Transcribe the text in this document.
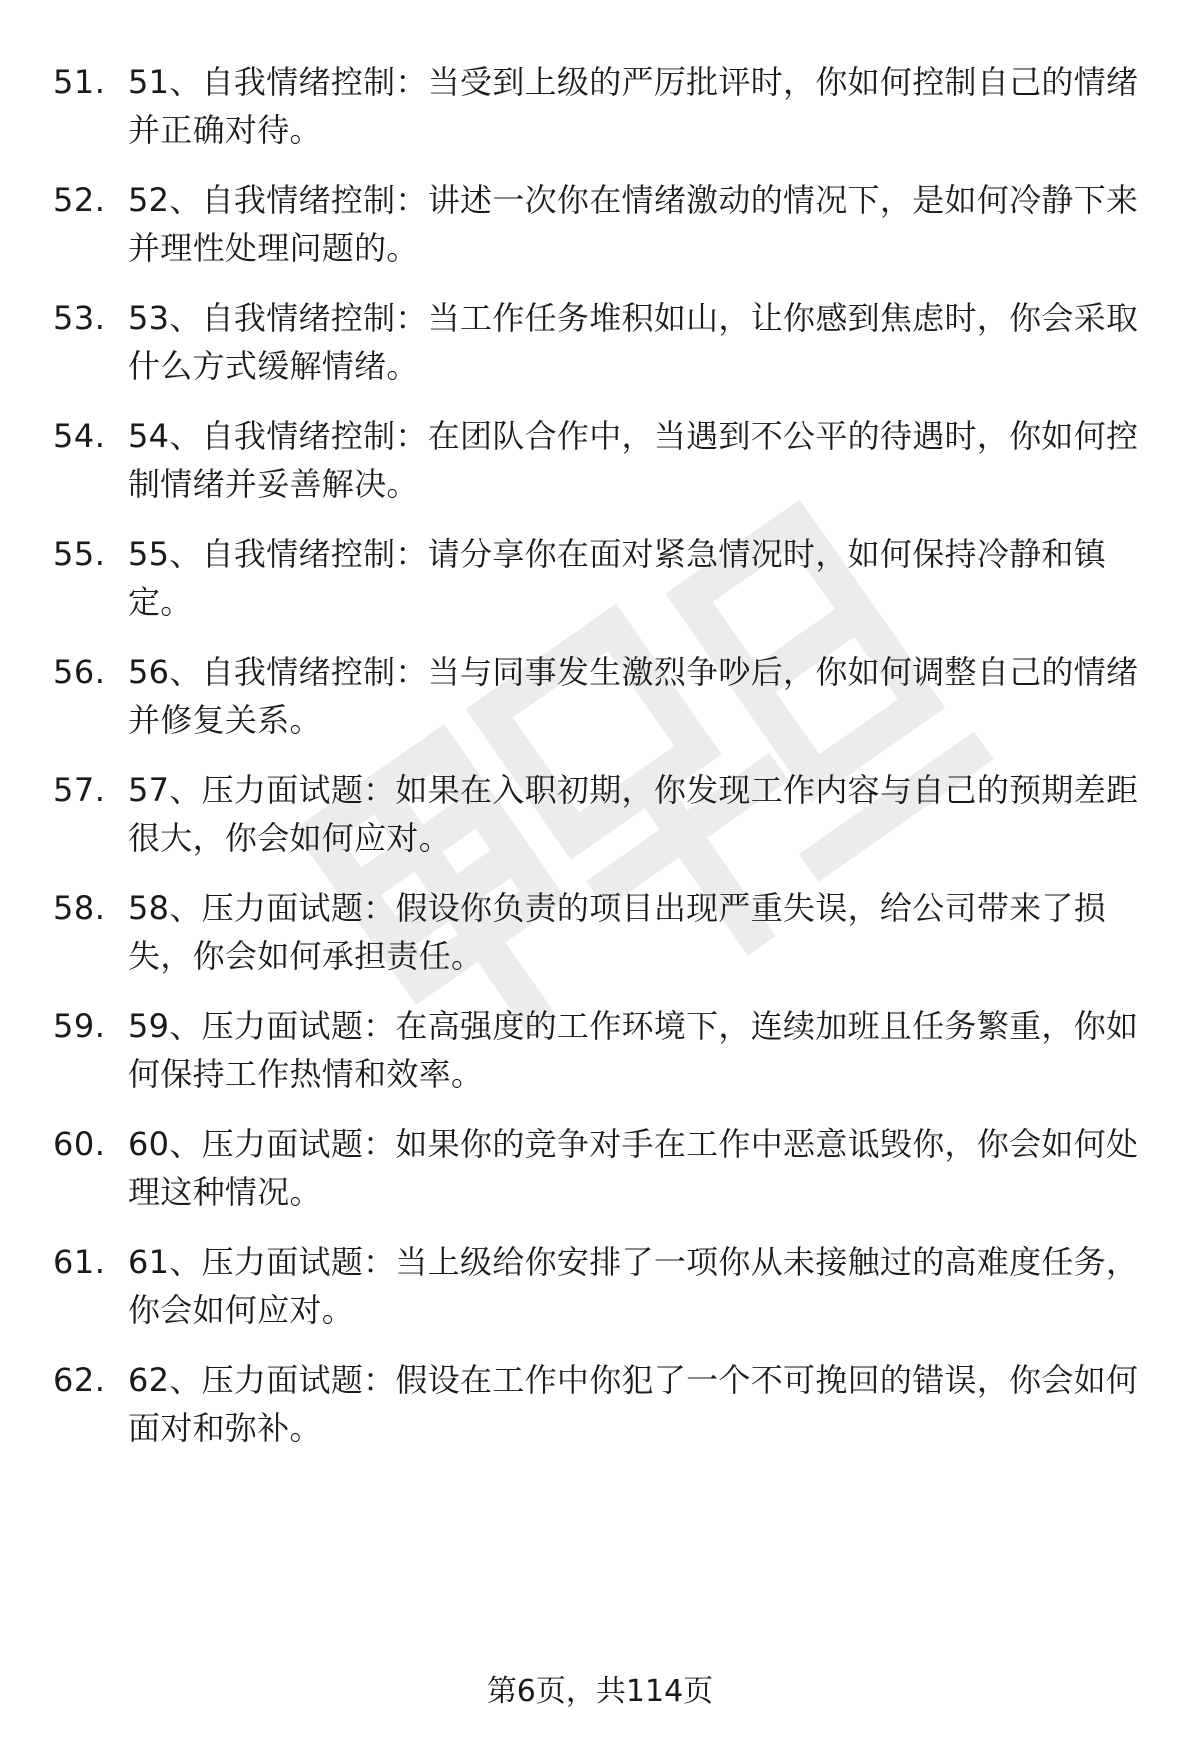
51. 51、自我情绪控制：当受到上级的严厉批评时，你如何控制自己的情绪并正确对待。
52. 52、自我情绪控制：讲述一次你在情绪激动的情况下，是如何冷静下来并理性处理问题的。
53. 53、自我情绪控制：当工作任务堆积如山，让你感到焦虑时，你会采取什么方式缓解情绪。
54. 54、自我情绪控制：在团队合作中，当遇到不公平的待遇时，你如何控制情绪并妥善解决。
55. 55、自我情绪控制：请分享你在面对紧急情况时，如何保持冷静和镇定。
56. 56、自我情绪控制：当与同事发生激烈争吵后，你如何调整自己的情绪并修复关系。
57. 57、压力面试题：如果在入职初期，你发现工作内容与自己的预期差距很大，你会如何应对。
58. 58、压力面试题：假设你负责的项目出现严重失误，给公司带来了损失，你会如何承担责任。
59. 59、压力面试题：在高强度的工作环境下，连续加班且任务繁重，你如何保持工作热情和效率。
60. 60、压力面试题：如果你的竞争对手在工作中恶意诋毁你，你会如何处理这种情况。
61. 61、压力面试题：当上级给你安排了一项你从未接触过的高难度任务，你会如何应对。
62. 62、压力面试题：假设在工作中你犯了一个不可挽回的错误，你会如何面对和弥补。
第6页，共114页
